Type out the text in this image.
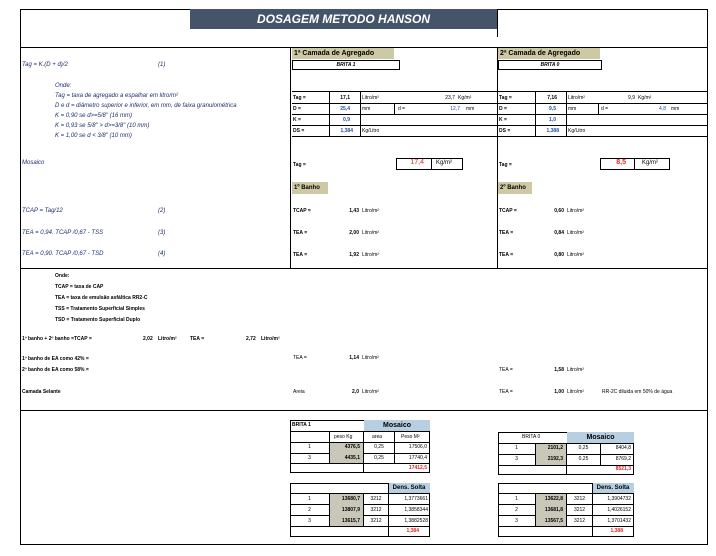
DOSAGEM METODO HANSON
Tag = K.(D + d)/2	(1)
Onde:
Tag = taxa de agregado a espalhar em litro/m²
D e d = diâmetro superior e inferior, em mm, de faixa granulométrica
K = 0,90 se d>=5/8" (16 mm)
K = 0,93 se 5/8" > d>=3/8" (10 mm)
K = 1,00 se d < 3/8" (10 mm)
Mosaico
TCAP = Tag/12	(2)
TEA = 0,94. TCAP /0,67 - TSS	(3)
TEA = 0,90. TCAP /0,67 - TSD	(4)
Onde:
TCAP = taxa de CAP
TEA = taxa de emulsão asfáltica RR2-C
TSS = Tratamento Superficial Simples
TSD = Tratamento Superficial Duplo
1º banho + 2º banho =TCAP =	2,02 Litro/m²	TEA =	2,72 Litro/m²
1º banho de EA como 42% =
2º banho de EA como 58% =
Camada Selante
1ª Camada de Agregado
BRITA 1
Tag =	17,1 Litro/m²	23,7 Kg/m²
D =	25,4 mm	d =	12,7 mm
K =	0,9
DS =	1,384 Kg/Litro
Tag =	17,4 Kg/m²
1º Banho
TCAP =	1,43 Litro/m²
TEA =	2,00 Litro/m²
TEA =	1,92 Litro/m²
TEA =	1,14 Litro/m²
Areia	2,0 Litro/m²
2ª Camada de Agregado
BRITA 0
Tag =	7,16 Litro/m²	9,9 Kg/m²
D =	9,5 mm	d =	4,8 mm
K =	1,0
DS =	1,388 Kg/Litro
Tag =	8,5	Kg/m²
2º Banho
TCAP =	0,60 Litro/m²
TEA =	0,84 Litro/m²
TEA =	0,80 Litro/m²
TEA =	1,58 Litro/m²
TEA =	1,00 Litro/m²	RR-2C diluida em 50% de água
BRITA 1	Mosaico
peso Kg	area	Peso M²
1	4376,5	0,25	17506,0
3	4435,1	0,25	17740,4
17412,5
BRITA 0	Mosaico
1	2101,2	0,25	8404,8
3	2192,3	0,25	8769,2
8521,3
Dens. Solta
1	13680,7	3212	1,3773661
2	13807,9	3212	1,3858344
3	13615,7	3212	1,3882528
1,384
Dens. Solta
1	13622,8	3212	1,3904732
2	13681,8	3212	1,4026152
3	13567,5	3212	1,3701432
1,388
